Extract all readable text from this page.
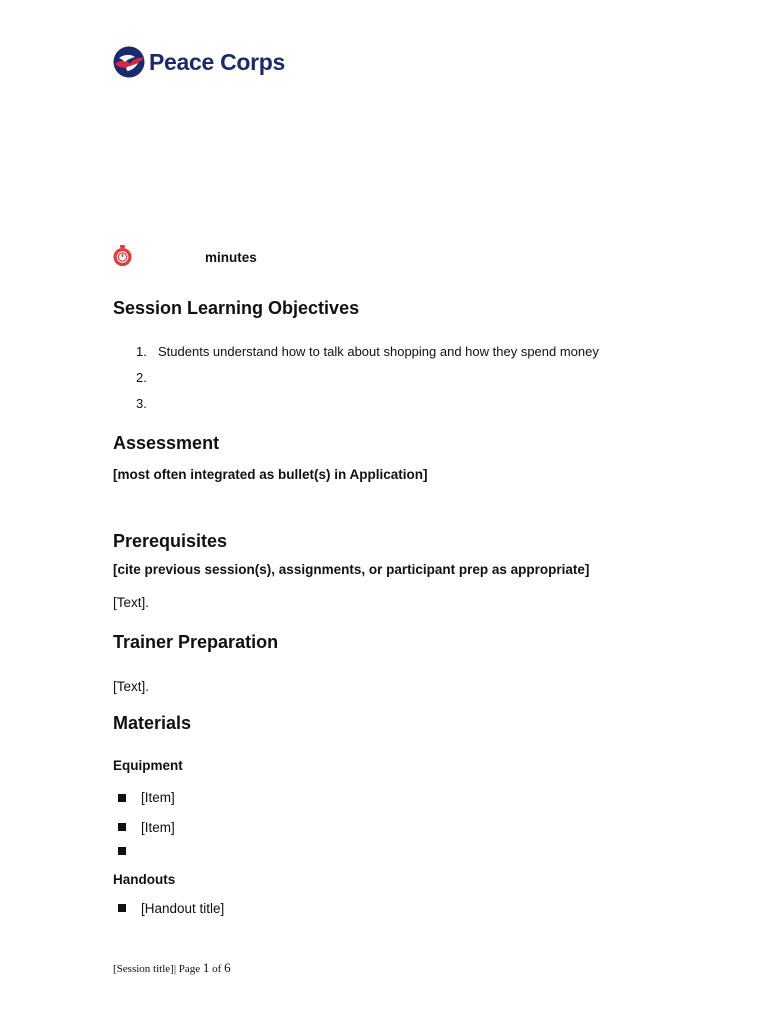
Peace Corps
minutes
Session Learning Objectives
1. Students understand how to talk about shopping and how they spend money
2.
3.
Assessment

[most often integrated as bullet(s) in Application]

Prerequisites

[cite previous session(s), assignments, or participant prep as appropriate]

[Text].

Trainer Preparation

[Text].

Materials

Equipment

[Item]
[Item]

Handouts

[Handout title]
[Session title]| Page 1 of 6
